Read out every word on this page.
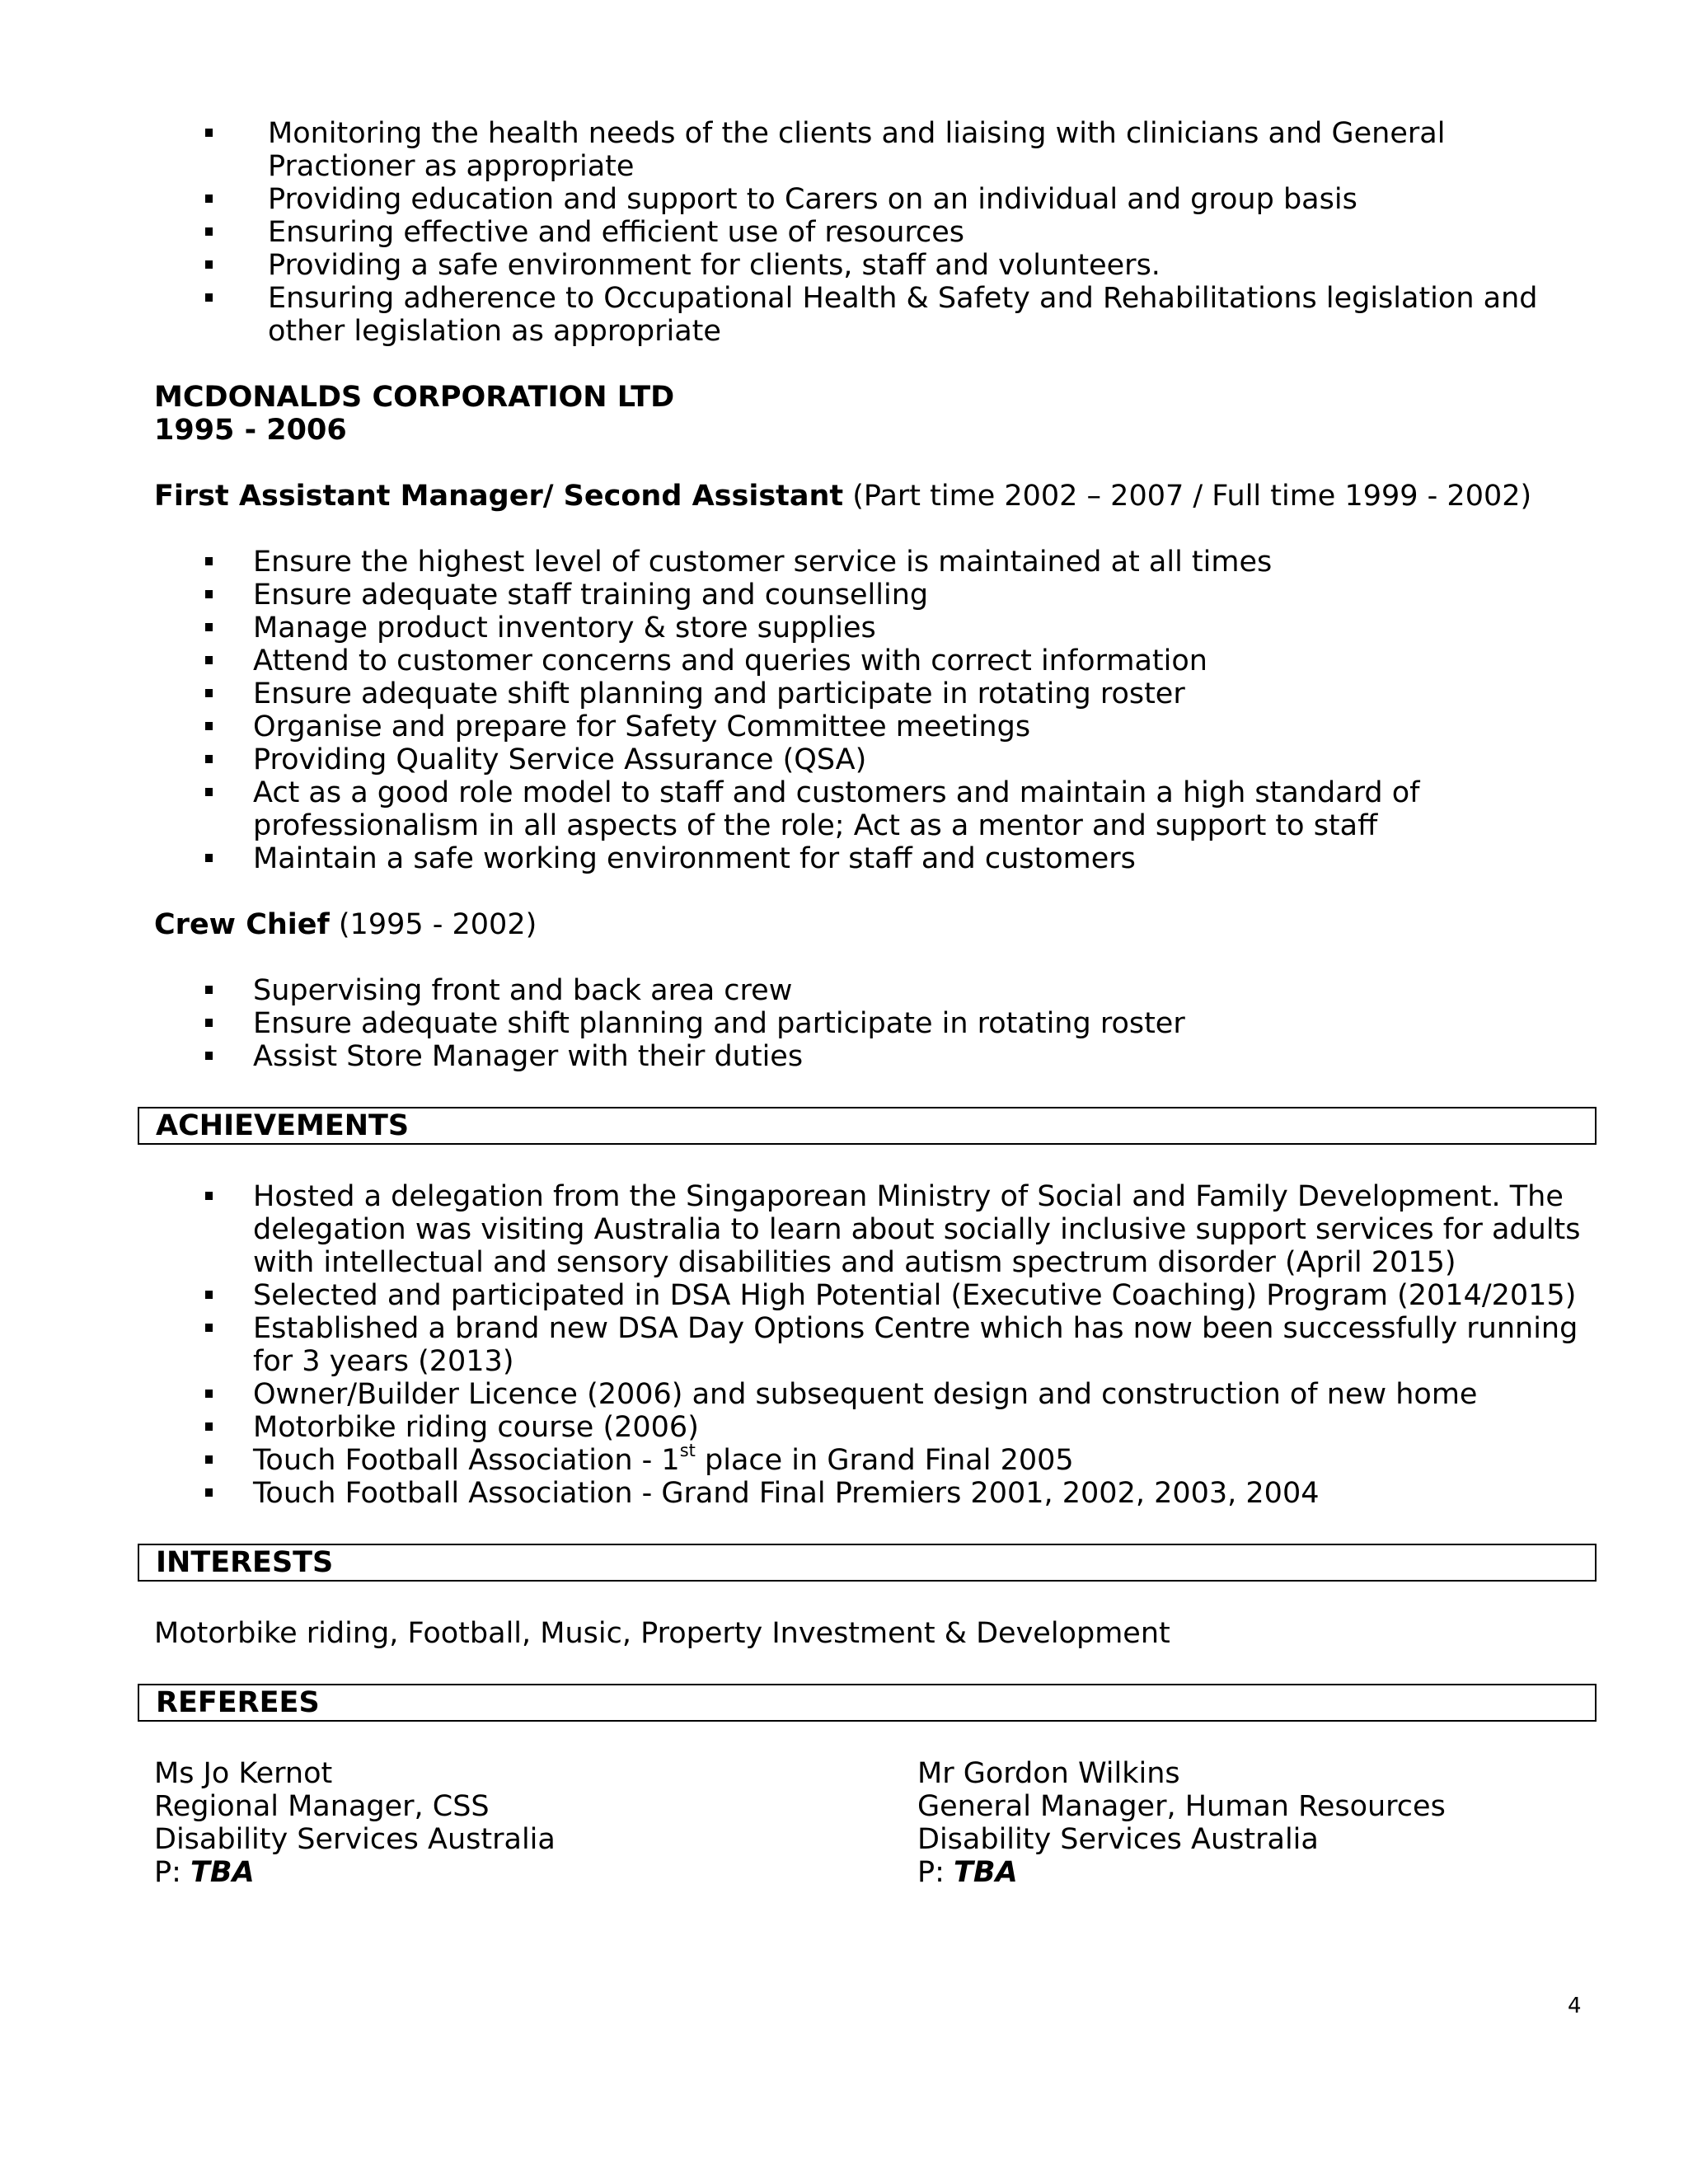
Monitoring the health needs of the clients and liaising with clinicians and General Practioner as appropriate
Providing education and support to Carers on an individual and group basis
Ensuring effective and efficient use of resources
Providing a safe environment for clients, staff and volunteers.
Ensuring adherence to Occupational Health & Safety and Rehabilitations legislation and other legislation as appropriate
MCDONALDS CORPORATION LTD
1995 - 2006
First Assistant Manager/ Second Assistant (Part time 2002 – 2007 / Full time 1999 - 2002)
Ensure the highest level of customer service is maintained at all times
Ensure adequate staff training and counselling
Manage product inventory & store supplies
Attend to customer concerns and queries with correct information
Ensure adequate shift planning and participate in rotating roster
Organise and prepare for Safety Committee meetings
Providing Quality Service Assurance (QSA)
Act as a good role model to staff and customers and maintain a high standard of professionalism in all aspects of the role; Act as a mentor and support to staff
Maintain a safe working environment for staff and customers
Crew Chief (1995 - 2002)
Supervising front and back area crew
Ensure adequate shift planning and participate in rotating roster
Assist Store Manager with their duties
ACHIEVEMENTS
Hosted a delegation from the Singaporean Ministry of Social and Family Development. The delegation was visiting Australia to learn about socially inclusive support services for adults with intellectual and sensory disabilities and autism spectrum disorder (April 2015)
Selected and participated in DSA High Potential (Executive Coaching) Program (2014/2015)
Established a brand new DSA Day Options Centre which has now been successfully running for 3 years (2013)
Owner/Builder Licence (2006) and subsequent design and construction of new home
Motorbike riding course (2006)
Touch Football Association - 1st place in Grand Final 2005
Touch Football Association - Grand Final Premiers 2001, 2002, 2003, 2004
INTERESTS
Motorbike riding, Football, Music, Property Investment & Development
REFEREES
Ms Jo Kernot
Regional Manager, CSS
Disability Services Australia
P: TBA
Mr Gordon Wilkins
General Manager, Human Resources
Disability Services Australia
P: TBA
4
